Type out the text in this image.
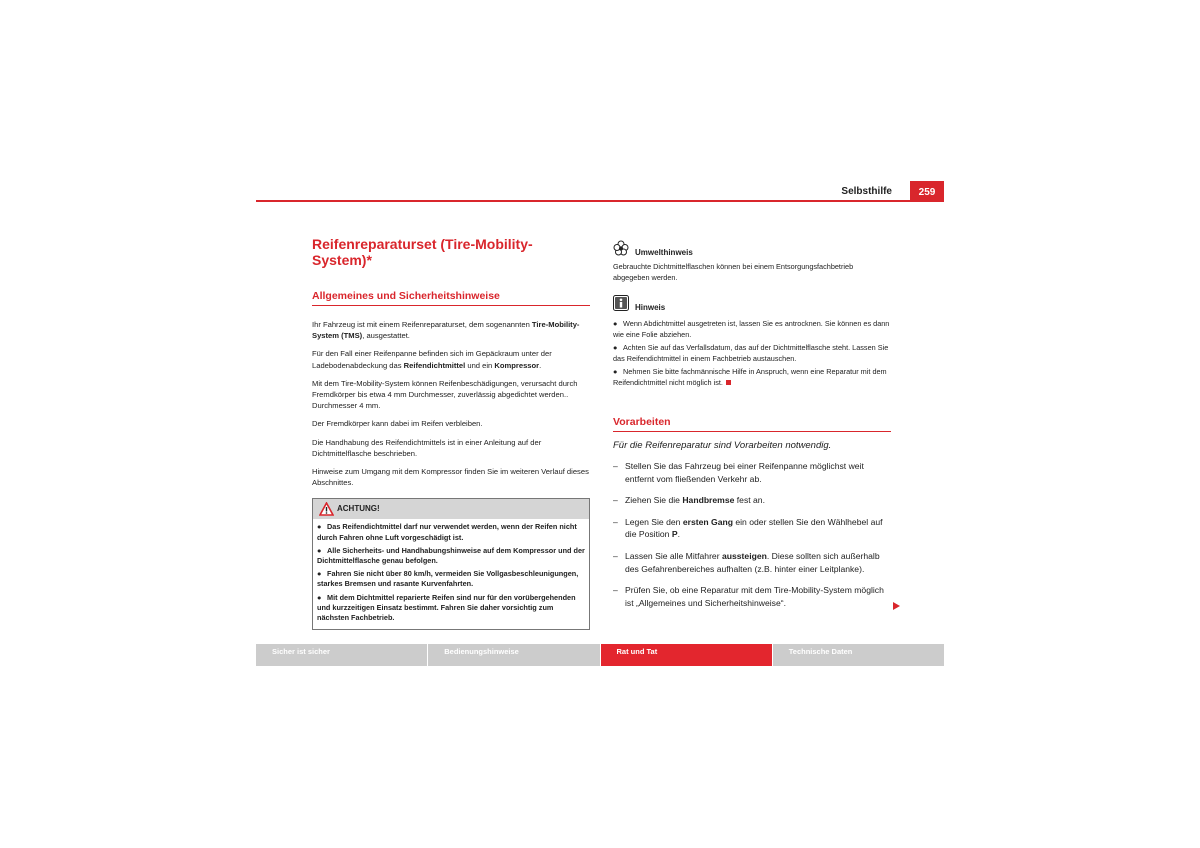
Selbsthilfe	259
Reifenreparaturset (Tire-Mobility-System)*
Allgemeines und Sicherheitshinweise

Ihr Fahrzeug ist mit einem Reifenreparaturset, dem sogenannten Tire-Mobility-System (TMS), ausgestattet.

Für den Fall einer Reifenpanne befinden sich im Gepäckraum unter der Ladebodenabdeckung das Reifendichtmittel und ein Kompressor.

Mit dem Tire-Mobility-System können Reifenbeschädigungen, verursacht durch Fremdkörper bis etwa 4 mm Durchmesser, zuverlässig abgedichtet werden.. Durchmesser 4 mm.

Der Fremdkörper kann dabei im Reifen verbleiben.

Die Handhabung des Reifendichtmittels ist in einer Anleitung auf der Dichtmittelflasche beschrieben.

Hinweise zum Umgang mit dem Kompressor finden Sie im weiteren Verlauf dieses Abschnittes.

ACHTUNG!

● Das Reifendichtmittel darf nur verwendet werden, wenn der Reifen nicht durch Fahren ohne Luft vorgeschädigt ist.

● Alle Sicherheits- und Handhabungshinweise auf dem Kompressor und der Dichtmittelflasche genau befolgen.

● Fahren Sie nicht über 80 km/h, vermeiden Sie Vollgasbeschleunigungen, starkes Bremsen und rasante Kurvenfahrten.

● Mit dem Dichtmittel reparierte Reifen sind nur für den vorübergehenden und kurzzeitigen Einsatz bestimmt. Fahren Sie daher vorsichtig zum nächsten Fachbetrieb.

Umwelthinweis

Gebrauchte Dichtmittelflaschen können bei einem Entsorgungsfachbetrieb abgegeben werden.

Hinweis

● Wenn Abdichtmittel ausgetreten ist, lassen Sie es antrocknen. Sie können es dann wie eine Folie abziehen.

● Achten Sie auf das Verfallsdatum, das auf der Dichtmittelflasche steht. Lassen Sie das Reifendichtmittel in einem Fachbetrieb austauschen.

● Nehmen Sie bitte fachmännische Hilfe in Anspruch, wenn eine Reparatur mit dem Reifendichtmittel nicht möglich ist.

Vorarbeiten

Für die Reifenreparatur sind Vorarbeiten notwendig.

– Stellen Sie das Fahrzeug bei einer Reifenpanne möglichst weit entfernt vom fließenden Verkehr ab.

– Ziehen Sie die Handbremse fest an.

– Legen Sie den ersten Gang ein oder stellen Sie den Wählhebel auf die Position P.

– Lassen Sie alle Mitfahrer aussteigen. Diese sollten sich außerhalb des Gefahrenbereiches aufhalten (z.B. hinter einer Leitplanke).

– Prüfen Sie, ob eine Reparatur mit dem Tire-Mobility-System möglich ist „Allgemeines und Sicherheitshinweise“.

Sicher ist sicher	Bedienungshinweise	Rat und Tat	Technische Daten
